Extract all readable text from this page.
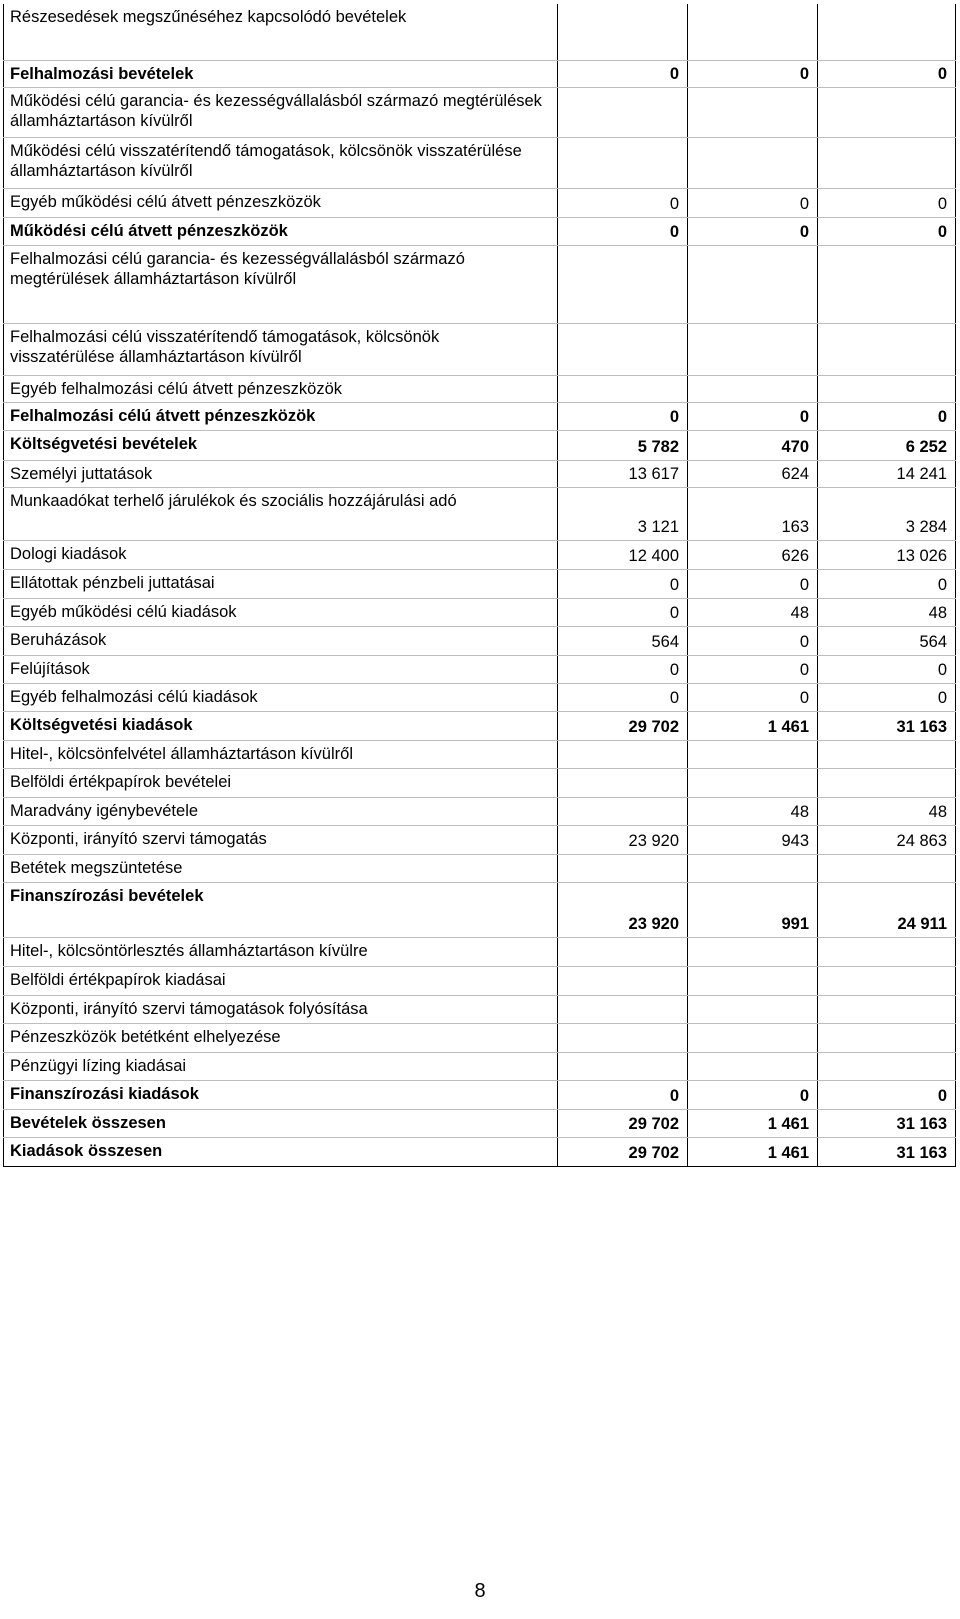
Részesedések megszűnéséhez kapcsolódó bevételek			
Felhalmozási bevételek	0	0	0
Működési célú garancia- és kezességvállalásból származó megtérülések államháztartáson kívülről			
Működési célú visszatérítendő támogatások, kölcsönök visszatérülése államháztartáson kívülről			
Egyéb működési célú átvett pénzeszközök	0	0	0
Működési célú átvett pénzeszközök	0	0	0
Felhalmozási célú garancia- és kezességvállalásból származó megtérülések államháztartáson kívülről			
Felhalmozási célú visszatérítendő támogatások, kölcsönök visszatérülése államháztartáson kívülről			
Egyéb felhalmozási célú átvett pénzeszközök			
Felhalmozási célú átvett pénzeszközök	0	0	0
Költségvetési bevételek	5 782	470	6 252
Személyi juttatások	13 617	624	14 241
Munkaadókat terhelő járulékok és szociális hozzájárulási adó	3 121	163	3 284
Dologi kiadások	12 400	626	13 026
Ellátottak pénzbeli juttatásai	0	0	0
Egyéb működési célú kiadások	0	48	48
Beruházások	564	0	564
Felújítások	0	0	0
Egyéb felhalmozási célú kiadások	0	0	0
Költségvetési kiadások	29 702	1 461	31 163
Hitel-, kölcsönfelvétel államháztartáson kívülről			
Belföldi értékpapírok bevételei			
Maradvány igénybevétele		48	48
Központi, irányító szervi támogatás	23 920	943	24 863
Betétek megszüntetése			
Finanszírozási bevételek	23 920	991	24 911
Hitel-, kölcsöntörlesztés államháztartáson kívülre			
Belföldi értékpapírok kiadásai			
Központi, irányító szervi támogatások folyósítása			
Pénzeszközök betétként elhelyezése			
Pénzügyi lízing kiadásai			
Finanszírozási kiadások	0	0	0
Bevételek összesen	29 702	1 461	31 163
Kiadások összesen	29 702	1 461	31 163
8
